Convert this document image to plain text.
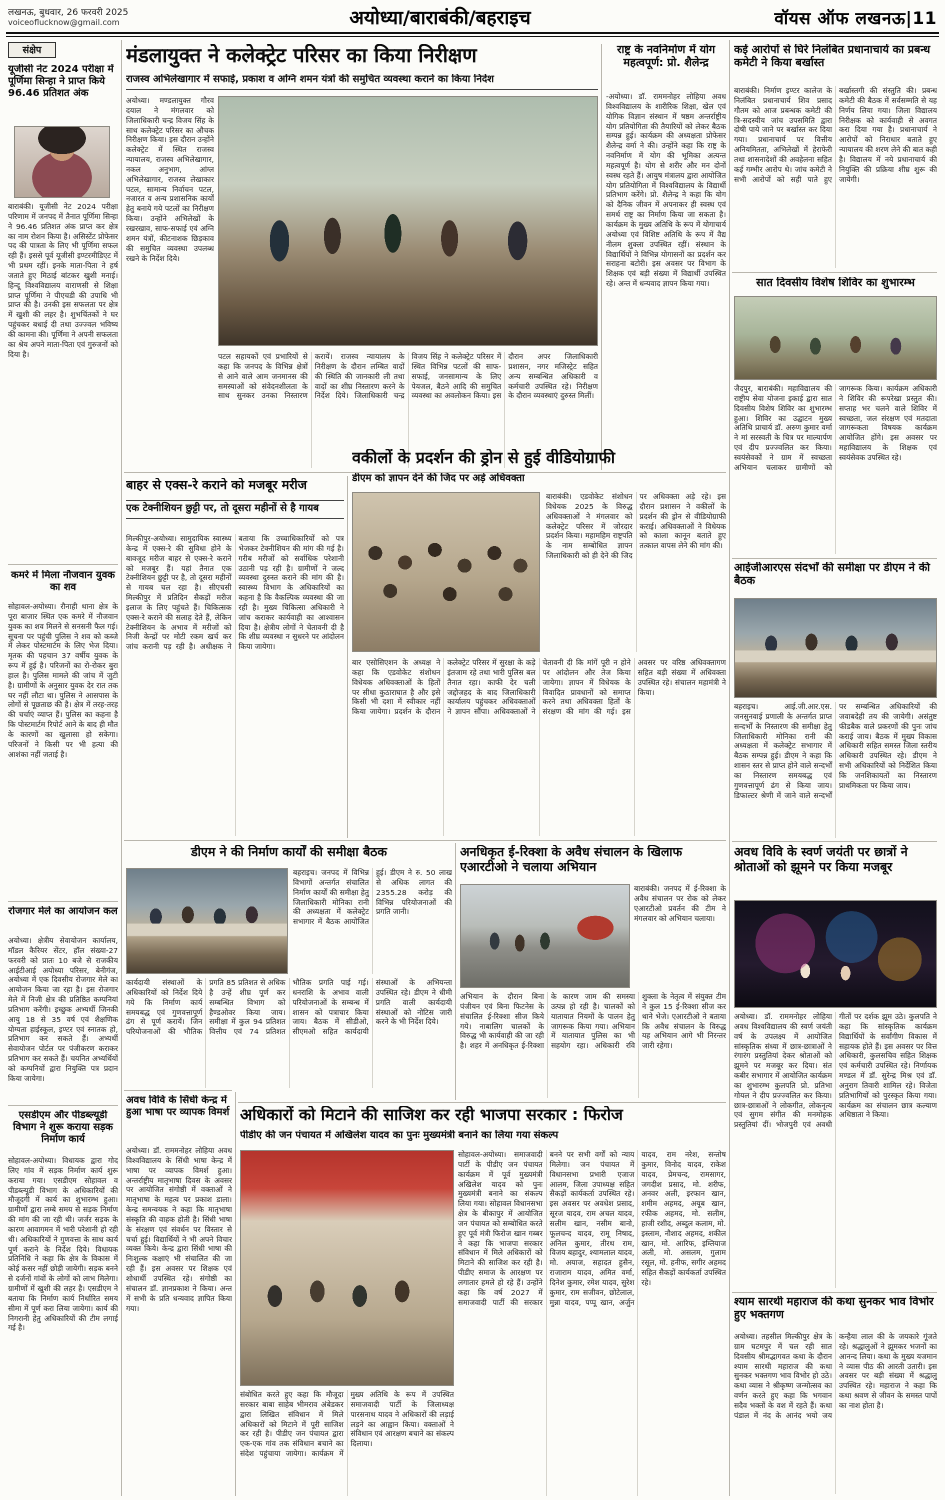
लखनऊ, बुधवार, 26 फरवरी 2025
voiceoflucknow@gmail.com	अयोध्या/बाराबंकी/बहराइच	वॉयस ऑफ लखनऊ|11
संक्षेप
यूजीसी नेट 2024 परीक्षा में पूर्णिमा सिन्हा ने प्राप्त किये 96.46 प्रतिशत अंक
बाराबंकी। यूजीसी नेट 2024 परीक्षा परिणाम में जनपद में तैनात पूर्णिमा सिन्हा ने 96.46 प्रतिशत अंक प्राप्त कर क्षेत्र का नाम रोशन किया है। असिस्टेंट प्रोफेसर पद की पात्रता के लिए भी पूर्णिमा सफल रही हैं। इससे पूर्व यूजीसी इण्टरमीडिएट में भी प्रथम रहीं। इनके माता-पिता ने हर्ष जताते हुए मिठाई बांटकर खुशी मनाई। हिन्दू विश्वविद्यालय वाराणसी से शिक्षा प्राप्त पूर्णिमा ने पीएचडी की उपाधि भी प्राप्त की है। उनकी इस सफलता पर क्षेत्र में खुशी की लहर है। शुभचिंतकों ने घर पहुंचकर बधाई दी तथा उज्ज्वल भविष्य की कामना की। पूर्णिमा ने अपनी सफलता का श्रेय अपने माता-पिता एवं गुरुजनों को दिया है।
कमरे में मिला नौजवान युवक का शव
सोहावल-अयोध्या। रौनाही थाना क्षेत्र के पूरा बाजार स्थित एक कमरे में नौजवान युवक का शव मिलने से सनसनी फैल गई। सूचना पर पहुंची पुलिस ने शव को कब्जे में लेकर पोस्टमार्टम के लिए भेज दिया। मृतक की पहचान 37 वर्षीय युवक के रूप में हुई है। परिजनों का रो-रोकर बुरा हाल है। पुलिस मामले की जांच में जुटी है। ग्रामीणों के अनुसार युवक देर रात तक घर नहीं लौटा था। पुलिस ने आसपास के लोगों से पूछताछ की है। क्षेत्र में तरह-तरह की चर्चाएं व्याप्त हैं। पुलिस का कहना है कि पोस्टमार्टम रिपोर्ट आने के बाद ही मौत के कारणों का खुलासा हो सकेगा। परिजनों ने किसी पर भी हत्या की आशंका नहीं जताई है।
रोजगार मेले का आयोजन कल
अयोध्या। क्षेत्रीय सेवायोजन कार्यालय, मॉडल कैरियर सेंटर, हॉल संख्या-27 फरवरी को प्रातः 10 बजे से राजकीय आईटीआई अयोध्या परिसर, बेनीगंज, अयोध्या में एक दिवसीय रोजगार मेले का आयोजन किया जा रहा है। इस रोजगार मेले में निजी क्षेत्र की प्रतिष्ठित कम्पनियां प्रतिभाग करेंगी। इच्छुक अभ्यर्थी जिनकी आयु 18 से 35 वर्ष एवं शैक्षणिक योग्यता हाईस्कूल, इण्टर एवं स्नातक हो, प्रतिभाग कर सकते हैं। अभ्यर्थी सेवायोजन पोर्टल पर पंजीकरण कराकर प्रतिभाग कर सकते हैं। चयनित अभ्यर्थियों को कम्पनियों द्वारा नियुक्ति पत्र प्रदान किया जायेगा।
एसडीएम और पीडब्ल्यूडी विभाग ने शुरू कराया सड़क निर्माण कार्य
सोहावल-अयोध्या। विधायक द्वारा गोद लिए गांव में सड़क निर्माण कार्य शुरू कराया गया। एसडीएम सोहावल व पीडब्ल्यूडी विभाग के अधिकारियों की मौजूदगी में कार्य का शुभारम्भ हुआ। ग्रामीणों द्वारा लम्बे समय से सड़क निर्माण की मांग की जा रही थी। जर्जर सड़क के कारण आवागमन में भारी परेशानी हो रही थी। अधिकारियों ने गुणवत्ता के साथ कार्य पूर्ण कराने के निर्देश दिये। विधायक प्रतिनिधि ने कहा कि क्षेत्र के विकास में कोई कसर नहीं छोड़ी जायेगी। सड़क बनने से दर्जनों गांवों के लोगों को लाभ मिलेगा। ग्रामीणों में खुशी की लहर है। एसडीएम ने बताया कि निर्माण कार्य निर्धारित समय सीमा में पूर्ण करा लिया जायेगा। कार्य की निगरानी हेतु अधिकारियों की टीम लगाई गई है।
मंडलायुक्त ने कलेक्ट्रेट परिसर का किया निरीक्षण
राजस्व अभिलेखागार में सफाई, प्रकाश व अग्नि शमन यंत्रों की समुचित व्यवस्था कराने का किया निर्देश
अयोध्या। मण्डलायुक्त गौरव दयाल ने मंगलवार को जिलाधिकारी चन्द्र विजय सिंह के साथ कलेक्ट्रेट परिसर का औचक निरीक्षण किया। इस दौरान उन्होंने कलेक्ट्रेट में स्थित राजस्व न्यायालय, राजस्व अभिलेखागार, नकल अनुभाग, आंग्ल अभिलेखागार, राजस्व लेखाकार पटल, सामान्य निर्वाचन पटल, नजारत व अन्य प्रशासनिक कार्यों हेतु बनाये गये पटलों का निरीक्षण किया। उन्होंने अभिलेखों के रखरखाव, साफ-सफाई एवं अग्नि शमन यंत्रों, कीटनाशक छिड़काव की समुचित व्यवस्था उपलब्ध रखने के निर्देश दिये।
पटल सहायकों एवं प्रभारियों से कहा कि जनपद के विभिन्न क्षेत्रों से आने वाले आम जनमानस की समस्याओं को संवेदनशीलता के साथ सुनकर उनका निस्तारण करायें। राजस्व न्यायालय के निरीक्षण के दौरान लम्बित वादों की स्थिति की जानकारी ली तथा वादों का शीघ्र निस्तारण करने के निर्देश दिये। जिलाधिकारी चन्द्र विजय सिंह ने कलेक्ट्रेट परिसर में स्थित विभिन्न पटलों की साफ-सफाई, जनसामान्य के लिए पेयजल, बैठने आदि की समुचित व्यवस्था का अवलोकन किया। इस दौरान अपर जिलाधिकारी प्रशासन, नगर मजिस्ट्रेट सहित अन्य सम्बन्धित अधिकारी व कर्मचारी उपस्थित रहे। निरीक्षण के दौरान व्यवस्थाएं दुरुस्त मिलीं।
राष्ट्र के नवनिर्माण में योग महत्वपूर्ण: प्रो. शैलेन्द्र
-अयोध्या। डॉ. राममनोहर लोहिया अवध विश्वविद्यालय के शारीरिक शिक्षा, खेल एवं योगिक विज्ञान संस्थान में षष्ठम अन्तर्राष्ट्रीय योग प्रतियोगिता की तैयारियों को लेकर बैठक सम्पन्न हुई। कार्यक्रम की अध्यक्षता प्रोफेसर शैलेन्द्र वर्मा ने की। उन्होंने कहा कि राष्ट्र के नवनिर्माण में योग की भूमिका अत्यन्त महत्वपूर्ण है। योग से शरीर और मन दोनों स्वस्थ रहते हैं। आयुष मंत्रालय द्वारा आयोजित योग प्रतियोगिता में विश्वविद्यालय के विद्यार्थी प्रतिभाग करेंगे। प्रो. शैलेन्द्र ने कहा कि योग को दैनिक जीवन में अपनाकर ही स्वस्थ एवं समर्थ राष्ट्र का निर्माण किया जा सकता है। कार्यक्रम के मुख्य अतिथि के रूप में योगाचार्य अयोध्या एवं विशिष्ट अतिथि के रूप में वैद्य नीलम शुक्ला उपस्थित रहीं। संस्थान के विद्यार्थियों ने विभिन्न योगासनों का प्रदर्शन कर सराहना बटोरी। इस अवसर पर विभाग के शिक्षक एवं बड़ी संख्या में विद्यार्थी उपस्थित रहे। अन्त में धन्यवाद ज्ञापन किया गया।
कई आरोपों से घिरे निलंबित प्रधानाचार्य का प्रबन्ध कमेटी ने किया बर्खास्त
बाराबंकी। निर्माण इण्टर कालेज के निलंबित प्रधानाचार्य शिव प्रसाद गौतम को आज प्रबन्धक कमेटी की त्रि-सदस्यीय जांच उपसमिति द्वारा दोषी पाये जाने पर बर्खास्त कर दिया गया। प्रधानाचार्य पर वित्तीय अनियमितता, अभिलेखों में हेराफेरी तथा शासनादेशों की अवहेलना सहित कई गम्भीर आरोप थे। जांच कमेटी ने सभी आरोपों को सही पाते हुए बर्खास्तगी की संस्तुति की। प्रबन्ध कमेटी की बैठक में सर्वसम्मति से यह निर्णय लिया गया। जिला विद्यालय निरीक्षक को कार्यवाही से अवगत करा दिया गया है। प्रधानाचार्य ने आरोपों को निराधार बताते हुए न्यायालय की शरण लेने की बात कही है। विद्यालय में नये प्रधानाचार्य की नियुक्ति की प्रक्रिया शीघ्र शुरू की जायेगी।
सात दिवसीय विशेष शिविर का शुभारम्भ
जैदपुर, बाराबंकी। महाविद्यालय की राष्ट्रीय सेवा योजना इकाई द्वारा सात दिवसीय विशेष शिविर का शुभारम्भ हुआ। शिविर का उद्घाटन मुख्य अतिथि प्राचार्य डॉ. अरुण कुमार वर्मा ने मां सरस्वती के चित्र पर माल्यार्पण एवं दीप प्रज्ज्वलित कर किया। स्वयंसेवकों ने ग्राम में स्वच्छता अभियान चलाकर ग्रामीणों को जागरूक किया। कार्यक्रम अधिकारी ने शिविर की रूपरेखा प्रस्तुत की। सप्ताह भर चलने वाले शिविर में स्वच्छता, जल संरक्षण एवं मतदाता जागरूकता विषयक कार्यक्रम आयोजित होंगे। इस अवसर पर महाविद्यालय के शिक्षक एवं स्वयंसेवक उपस्थित रहे।
आईजीआरएस संदर्भों की समीक्षा पर डीएम ने की बैठक
बहराइच। आई.जी.आर.एस. जनसुनवाई प्रणाली के अन्तर्गत प्राप्त सन्दर्भों के निस्तारण की समीक्षा हेतु जिलाधिकारी मोनिका रानी की अध्यक्षता में कलेक्ट्रेट सभागार में बैठक सम्पन्न हुई। डीएम ने कहा कि शासन स्तर से प्राप्त होने वाले सन्दर्भों का निस्तारण समयबद्ध एवं गुणवत्तापूर्ण ढंग से किया जाय। डिफाल्टर श्रेणी में जाने वाले सन्दर्भों पर सम्बन्धित अधिकारियों की जवाबदेही तय की जायेगी। असंतुष्ट फीडबैक वाले प्रकरणों की पुनः जांच कराई जाय। बैठक में मुख्य विकास अधिकारी सहित समस्त जिला स्तरीय अधिकारी उपस्थित रहे। डीएम ने सभी अधिकारियों को निर्देशित किया कि जनशिकायतों का निस्तारण प्राथमिकता पर किया जाय।
अवध विवि के स्वर्ण जयंती पर छात्रों ने श्रोताओं को झूमने पर किया मजबूर
अयोध्या। डॉ. राममनोहर लोहिया अवध विश्वविद्यालय की स्वर्ण जयंती वर्ष के उपलक्ष्य में आयोजित सांस्कृतिक संध्या में छात्र-छात्राओं ने रंगारंग प्रस्तुतियां देकर श्रोताओं को झूमने पर मजबूर कर दिया। संत कबीर सभागार में आयोजित कार्यक्रम का शुभारम्भ कुलपति प्रो. प्रतिभा गोयल ने दीप प्रज्ज्वलित कर किया। छात्र-छात्राओं ने लोकगीत, लोकनृत्य एवं सुगम संगीत की मनमोहक प्रस्तुतियां दीं। भोजपुरी एवं अवधी गीतों पर दर्शक झूम उठे। कुलपति ने कहा कि सांस्कृतिक कार्यक्रम विद्यार्थियों के सर्वांगीण विकास में सहायक होते हैं। इस अवसर पर वित्त अधिकारी, कुलसचिव सहित शिक्षक एवं कर्मचारी उपस्थित रहे। निर्णायक मण्डल में डॉ. सुरेन्द्र मिश्र एवं डॉ. अनुराग तिवारी शामिल रहे। विजेता प्रतिभागियों को पुरस्कृत किया गया। कार्यक्रम का संचालन छात्र कल्याण अधिष्ठाता ने किया।
श्याम सारथी महाराज की कथा सुनकर भाव विभोर हुए भक्तगण
अयोध्या। तहसील मिल्कीपुर क्षेत्र के ग्राम घटमपुर में चल रही सात दिवसीय श्रीमद्भागवत कथा के दौरान श्याम सारथी महाराज की कथा सुनकर भक्तगण भाव विभोर हो उठे। कथा व्यास ने श्रीकृष्ण जन्मोत्सव का वर्णन करते हुए कहा कि भगवान सदैव भक्तों के वश में रहते हैं। कथा पंडाल में नंद के आनंद भयो जय कन्हैया लाल की के जयकारे गूंजते रहे। श्रद्धालुओं ने झूमकर भजनों का आनन्द लिया। कथा के मुख्य यजमान ने व्यास पीठ की आरती उतारी। इस अवसर पर बड़ी संख्या में श्रद्धालु उपस्थित रहे। महाराज ने कहा कि कथा श्रवण से जीवन के समस्त पापों का नाश होता है।
बाहर से एक्स-रे कराने को मजबूर मरीज
एक टेक्नीशियन छुट्टी पर, तो दूसरा महीनों से है गायब
मिल्कीपुर-अयोध्या। सामुदायिक स्वास्थ्य केन्द्र में एक्स-रे की सुविधा होने के बावजूद मरीज बाहर से एक्स-रे कराने को मजबूर हैं। यहां तैनात एक टेक्नीशियन छुट्टी पर है, तो दूसरा महीनों से गायब चल रहा है। सीएचसी मिल्कीपुर में प्रतिदिन सैकड़ों मरीज इलाज के लिए पहुंचते हैं। चिकित्सक एक्स-रे कराने की सलाह देते हैं, लेकिन टेक्नीशियन के अभाव में मरीजों को निजी केन्द्रों पर मोटी रकम खर्च कर जांच करानी पड़ रही है। अधीक्षक ने बताया कि उच्चाधिकारियों को पत्र भेजकर टेक्नीशियन की मांग की गई है। गरीब मरीजों को सर्वाधिक परेशानी उठानी पड़ रही है। ग्रामीणों ने जल्द व्यवस्था दुरुस्त कराने की मांग की है। स्वास्थ्य विभाग के अधिकारियों का कहना है कि वैकल्पिक व्यवस्था की जा रही है। मुख्य चिकित्सा अधिकारी ने जांच कराकर कार्यवाही का आश्वासन दिया है। क्षेत्रीय लोगों ने चेतावनी दी है कि शीघ्र व्यवस्था न सुधरने पर आंदोलन किया जायेगा।
वकीलों के प्रदर्शन की ड्रोन से हुई वीडियोग्राफी
डीएम को ज्ञापन देने की जिद पर अड़े अधिवक्ता
बाराबंकी। एडवोकेट संशोधन विधेयक 2025 के विरुद्ध अधिवक्ताओं ने मंगलवार को कलेक्ट्रेट परिसर में जोरदार प्रदर्शन किया। महामहिम राष्ट्रपति के नाम सम्बोधित ज्ञापन जिलाधिकारी को ही देने की जिद पर अधिवक्ता अड़े रहे। इस दौरान प्रशासन ने वकीलों के प्रदर्शन की ड्रोन से वीडियोग्राफी कराई। अधिवक्ताओं ने विधेयक को काला कानून बताते हुए तत्काल वापस लेने की मांग की।
बार एसोसिएशन के अध्यक्ष ने कहा कि एडवोकेट संशोधन विधेयक अधिवक्ताओं के हितों पर सीधा कुठाराघात है और इसे किसी भी दशा में स्वीकार नहीं किया जायेगा। प्रदर्शन के दौरान कलेक्ट्रेट परिसर में सुरक्षा के कड़े इंतजाम रहे तथा भारी पुलिस बल तैनात रहा। काफी देर चली जद्दोजहद के बाद जिलाधिकारी कार्यालय पहुंचकर अधिवक्ताओं ने ज्ञापन सौंपा। अधिवक्ताओं ने चेतावनी दी कि मांगें पूरी न होने पर आंदोलन और तेज किया जायेगा। ज्ञापन में विधेयक के विवादित प्रावधानों को समाप्त करने तथा अधिवक्ता हितों के संरक्षण की मांग की गई। इस अवसर पर वरिष्ठ अधिवक्तागण सहित बड़ी संख्या में अधिवक्ता उपस्थित रहे। संचालन महामंत्री ने किया।
डीएम ने की निर्माण कार्यों की समीक्षा बैठक
बहराइच। जनपद में विभिन्न विभागों अन्तर्गत संचालित निर्माण कार्यों की समीक्षा हेतु जिलाधिकारी मोनिका रानी की अध्यक्षता में कलेक्ट्रेट सभागार में बैठक आयोजित हुई। डीएम ने रु. 50 लाख से अधिक लागत की 2355.28 करोड़ की विभिन्न परियोजनाओं की प्रगति जानी।
कार्यदायी संस्थाओं के अधिकारियों को निर्देश दिये गये कि निर्माण कार्य समयबद्ध एवं गुणवत्तापूर्ण ढंग से पूर्ण करायें। जिन परियोजनाओं की भौतिक प्रगति 85 प्रतिशत से अधिक है उन्हें शीघ्र पूर्ण कर सम्बन्धित विभाग को हैण्डओवर किया जाय। समीक्षा में कुल 94 प्रतिशत वित्तीय एवं 74 प्रतिशत भौतिक प्रगति पाई गई। धनराशि के अभाव वाली परियोजनाओं के सम्बन्ध में शासन को पत्राचार किया जाय। बैठक में सीडीओ, सीएमओ सहित कार्यदायी संस्थाओं के अभियन्ता उपस्थित रहे। डीएम ने धीमी प्रगति वाली कार्यदायी संस्थाओं को नोटिस जारी करने के भी निर्देश दिये।
अनधिकृत ई-रिक्शा के अवैध संचालन के खिलाफ एआरटीओ ने चलाया अभियान
बाराबंकी। जनपद में ई-रिक्शा के अवैध संचालन पर रोक को लेकर एआरटीओ प्रवर्तन की टीम ने मंगलवार को अभियान चलाया।
अभियान के दौरान बिना पंजीयन एवं बिना फिटनेस के संचालित ई-रिक्शा सीज किये गये। नाबालिग चालकों के विरुद्ध भी कार्यवाही की जा रही है। शहर में अनधिकृत ई-रिक्शा के कारण जाम की समस्या उत्पन्न हो रही है। चालकों को यातायात नियमों के पालन हेतु जागरूक किया गया। अभियान में यातायात पुलिस का भी सहयोग रहा। अधिकारी रवि शुक्ला के नेतृत्व में संयुक्त टीम ने कुल 15 ई-रिक्शा सीज कर थाने भेजे। एआरटीओ ने बताया कि अवैध संचालन के विरुद्ध यह अभियान आगे भी निरन्तर जारी रहेगा।
अवध विवि के सिंधी केन्द्र में हुआ भाषा पर व्यापक विमर्श
अयोध्या। डॉ. राममनोहर लोहिया अवध विश्वविद्यालय के सिंधी भाषा केन्द्र में भाषा पर व्यापक विमर्श हुआ। अन्तर्राष्ट्रीय मातृभाषा दिवस के अवसर पर आयोजित संगोष्ठी में वक्ताओं ने मातृभाषा के महत्व पर प्रकाश डाला। केन्द्र समन्वयक ने कहा कि मातृभाषा संस्कृति की वाहक होती है। सिंधी भाषा के संरक्षण एवं संवर्धन पर विस्तार से चर्चा हुई। विद्यार्थियों ने भी अपने विचार व्यक्त किये। केन्द्र द्वारा सिंधी भाषा की निःशुल्क कक्षाएं भी संचालित की जा रही हैं। इस अवसर पर शिक्षक एवं शोधार्थी उपस्थित रहे। संगोष्ठी का संचालन डॉ. ज्ञानप्रकाश ने किया। अन्त में सभी के प्रति धन्यवाद ज्ञापित किया गया।
अधिकारों को मिटाने की साजिश कर रही भाजपा सरकार : फिरोज
पीडीए की जन पंचायत में अखिलेश यादव का पुनः मुख्यमंत्री बनाने का लिया गया संकल्प
सोहावल-अयोध्या। समाजवादी पार्टी के पीडीए जन पंचायत कार्यक्रम में पूर्व मुख्यमंत्री अखिलेश यादव को पुनः मुख्यमंत्री बनाने का संकल्प लिया गया। सोहावल विधानसभा क्षेत्र के बीकापुर में आयोजित जन पंचायत को सम्बोधित करते हुए पूर्व मंत्री फिरोज खान गब्बर ने कहा कि भाजपा सरकार संविधान में मिले अधिकारों को मिटाने की साजिश कर रही है। पीडीए समाज के आरक्षण पर लगातार हमले हो रहे हैं। उन्होंने कहा कि वर्ष 2027 में समाजवादी पार्टी की सरकार बनने पर सभी वर्गों को न्याय मिलेगा। जन पंचायत में विधानसभा प्रभारी एजाज आलम, जिला उपाध्यक्ष सहित सैकड़ों कार्यकर्ता उपस्थित रहे। इस अवसर पर अवधेश प्रसाद, सूरज यादव, राम अचल यादव, सलीम खान, नसीम बानो, फूलचन्द यादव, रामू निषाद, अनिल कुमार, तीरथ राम, विजय बहादुर, श्यामलाल यादव, मो. अयाज, सहादत हुसैन, राजाराम यादव, अमित वर्मा, दिनेश कुमार, रमेश यादव, सुरेश कुमार, राम सजीवन, छोटेलाल, मुन्ना यादव, पप्पू खान, अर्जुन यादव, राम नरेश, सन्तोष कुमार, विनोद यादव, राकेश यादव, प्रेमचन्द, रामसागर, जगदीश प्रसाद, मो. शरीफ, अनवर अली, इरफान खान, शमीम अहमद, अयूब खान, रफीक अहमद, मो. सलीम, हाजी रशीद, अब्दुल कलाम, मो. इस्लाम, नौशाद अहमद, शकील खान, मो. आरिफ, इम्तियाज अली, मो. असलम, गुलाम रसूल, मो. हनीफ, सगीर अहमद सहित सैकड़ों कार्यकर्ता उपस्थित रहे।
संबोधित करते हुए कहा कि मौजूदा सरकार बाबा साहेब भीमराव अंबेडकर द्वारा लिखित संविधान में मिले अधिकारों को मिटाने में पूरी साजिश कर रही है। पीडीए जन पंचायत द्वारा एक-एक गांव तक संविधान बचाने का संदेश पहुंचाया जायेगा। कार्यक्रम में मुख्य अतिथि के रूप में उपस्थित समाजवादी पार्टी के जिलाध्यक्ष पारसनाथ यादव ने अधिकारों की लड़ाई लड़ने का आह्वान किया। वक्ताओं ने संविधान एवं आरक्षण बचाने का संकल्प दिलाया।
